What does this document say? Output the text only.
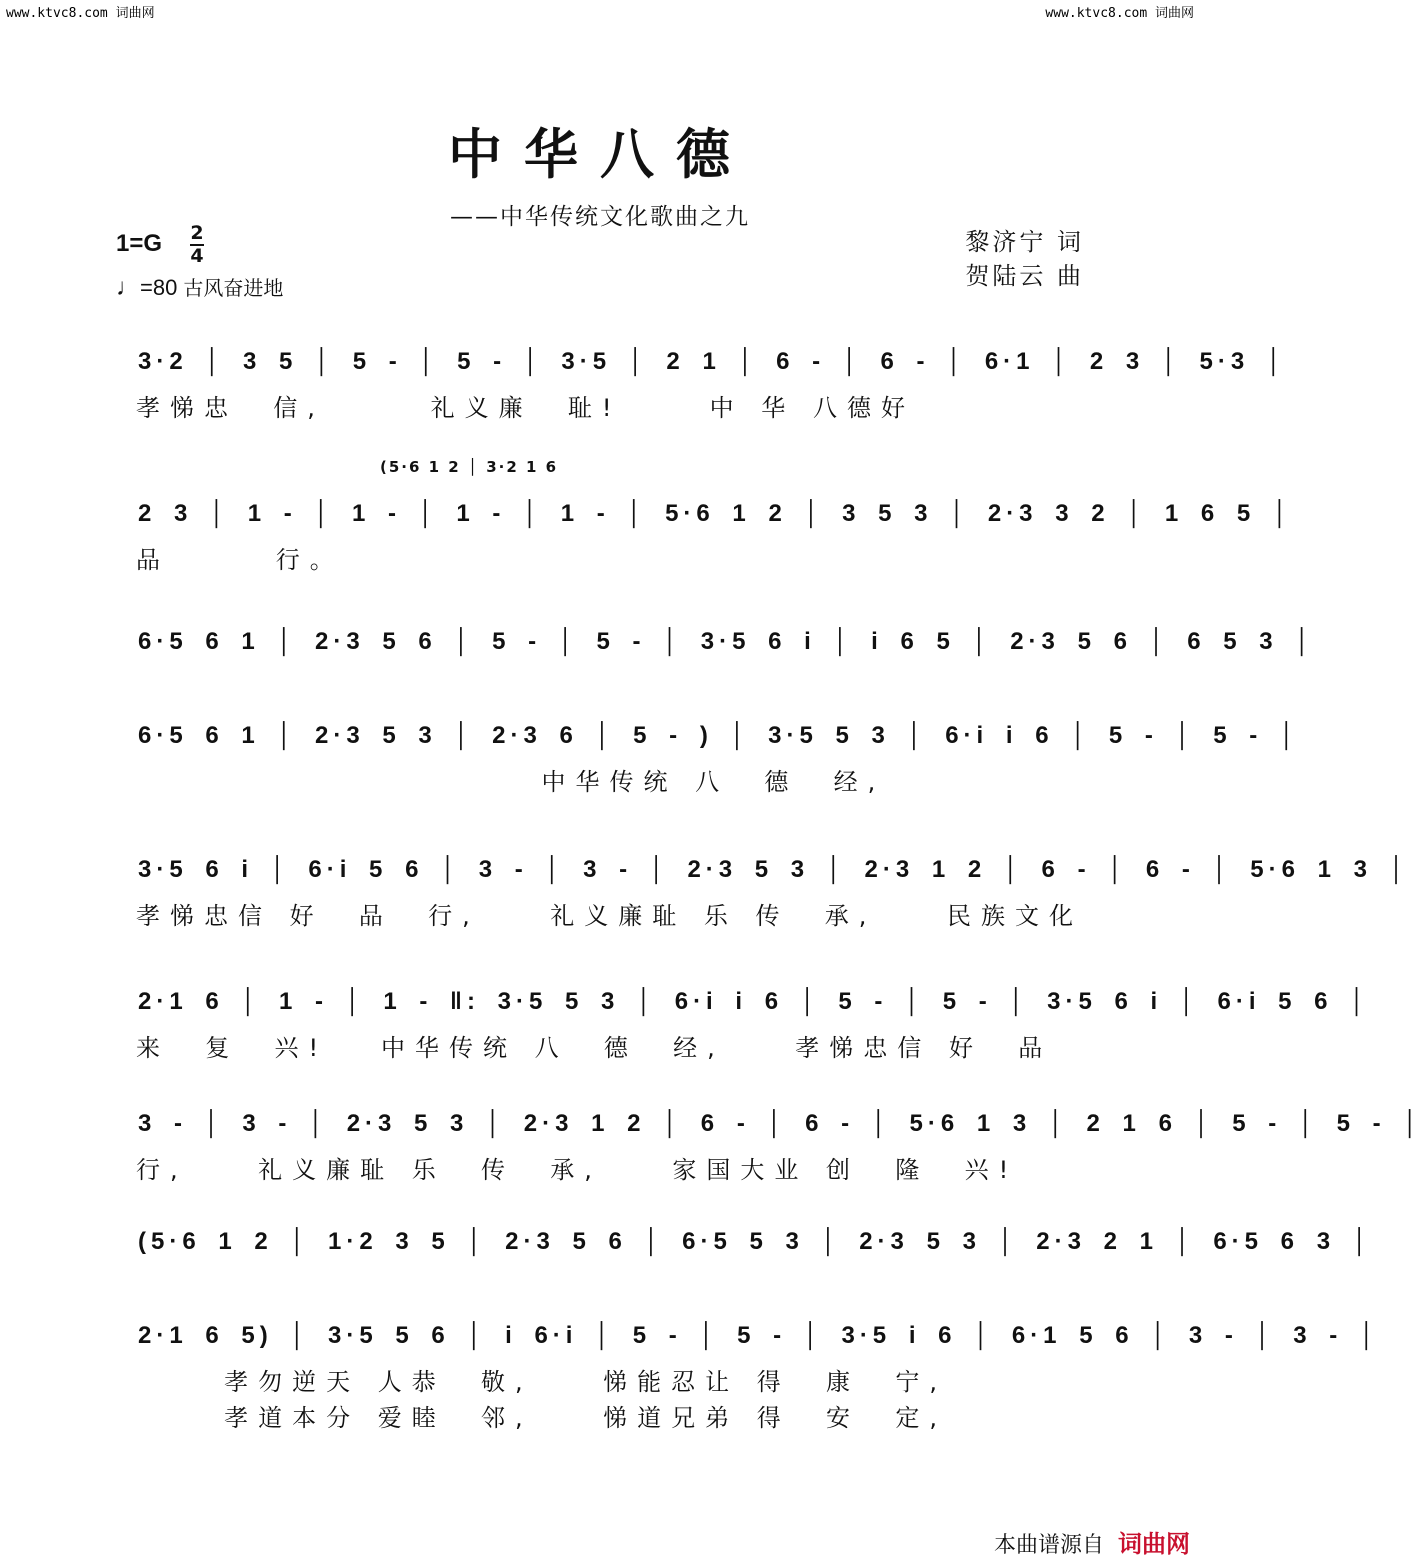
www.ktvc8.com 词曲网	www.ktvc8.com 词曲网
中华八德
——中华传统文化歌曲之九
黎济宁 词
贺陆云 曲
1=G 2
4
♩=80 古风奋进地
(5·6 1 2 │ 3·2 1 6
3·2 │ 3 5 │ 5 - │ 5 - │ 3·5 │ 2 1 │ 6 - │ 6 - │ 6·1 │ 2 3 │ 5·3 │
孝悌忠  信,      礼义廉  耻!     中 华 八德好
2 3 │ 1 - │ 1 - │ 1 - │ 1 - │ 5·6 1 2 │ 3 5 3 │ 2·3 3 2 │ 1 6 5 │
品      行。
6·5 6 1 │ 2·3 5 6 │ 5 - │ 5 - │ 3·5 6 i │ i 6 5 │ 2·3 5 6 │ 6 5 3 │
6·5 6 1 │ 2·3 5 3 │ 2·3 6 │ 5 - ) │ 3·5 5 3 │ 6·i i 6 │ 5 - │ 5 - │
中华传统 八  德  经,
3·5 6 i │ 6·i 5 6 │ 3 - │ 3 - │ 2·3 5 3 │ 2·3 1 2 │ 6 - │ 6 - │ 5·6 1 3 │
孝悌忠信 好  品  行,    礼义廉耻 乐 传  承,    民族文化
2·1 6 │ 1 - │ 1 - ‖: 3·5 5 3 │ 6·i i 6 │ 5 - │ 5 - │ 3·5 6 i │ 6·i 5 6 │
来  复  兴!   中华传统 八  德  经,    孝悌忠信 好  品
3 - │ 3 - │ 2·3 5 3 │ 2·3 1 2 │ 6 - │ 6 - │ 5·6 1 3 │ 2 1 6 │ 5 - │ 5 - │
行,    礼义廉耻 乐  传  承,    家国大业 创  隆  兴!
(5·6 1 2 │ 1·2 3 5 │ 2·3 5 6 │ 6·5 5 3 │ 2·3 5 3 │ 2·3 2 1 │ 6·5 6 3 │
2·1 6 5) │ 3·5 5 6 │ i 6·i │ 5 - │ 5 - │ 3·5 i 6 │ 6·1 5 6 │ 3 - │ 3 - │
孝勿逆天 人恭  敬,    悌能忍让 得  康  宁,
孝道本分 爱睦  邻,    悌道兄弟 得  安  定,
本曲谱源自 词曲网
